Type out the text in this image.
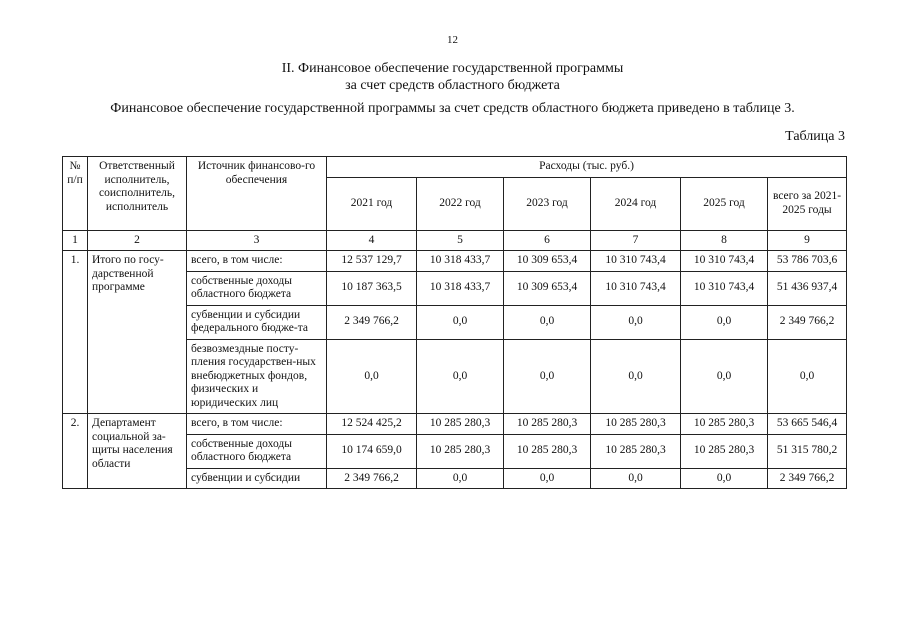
12
II. Финансовое обеспечение государственной программы
за счет средств областного бюджета
Финансовое обеспечение государственной программы за счет средств областного бюджета приведено в таблице 3.
Таблица 3
№ п/п	Ответственный исполнитель, соисполнитель, исполнитель	Источник финансово-го обеспечения	Расходы (тыс. руб.)					
			2021 год	2022 год	2023 год	2024 год	2025 год	всего за 2021-2025 годы
1	2	3	4	5	6	7	8	9
1.	Итого по госу-дарственной программе	всего, в том числе:	12 537 129,7	10 318 433,7	10 309 653,4	10 310 743,4	10 310 743,4	53 786 703,6
		собственные доходы областного бюджета	10 187 363,5	10 318 433,7	10 309 653,4	10 310 743,4	10 310 743,4	51 436 937,4
		субвенции и субсидии федерального бюдже-та	2 349 766,2	0,0	0,0	0,0	0,0	2 349 766,2
		безвозмездные посту-пления государствен-ных внебюджетных фондов, физических и юридических лиц	0,0	0,0	0,0	0,0	0,0	0,0
2.	Департамент социальной за-щиты населения области	всего, в том числе:	12 524 425,2	10 285 280,3	10 285 280,3	10 285 280,3	10 285 280,3	53 665 546,4
		собственные доходы областного бюджета	10 174 659,0	10 285 280,3	10 285 280,3	10 285 280,3	10 285 280,3	51 315 780,2
		субвенции и субсидии	2 349 766,2	0,0	0,0	0,0	0,0	2 349 766,2
